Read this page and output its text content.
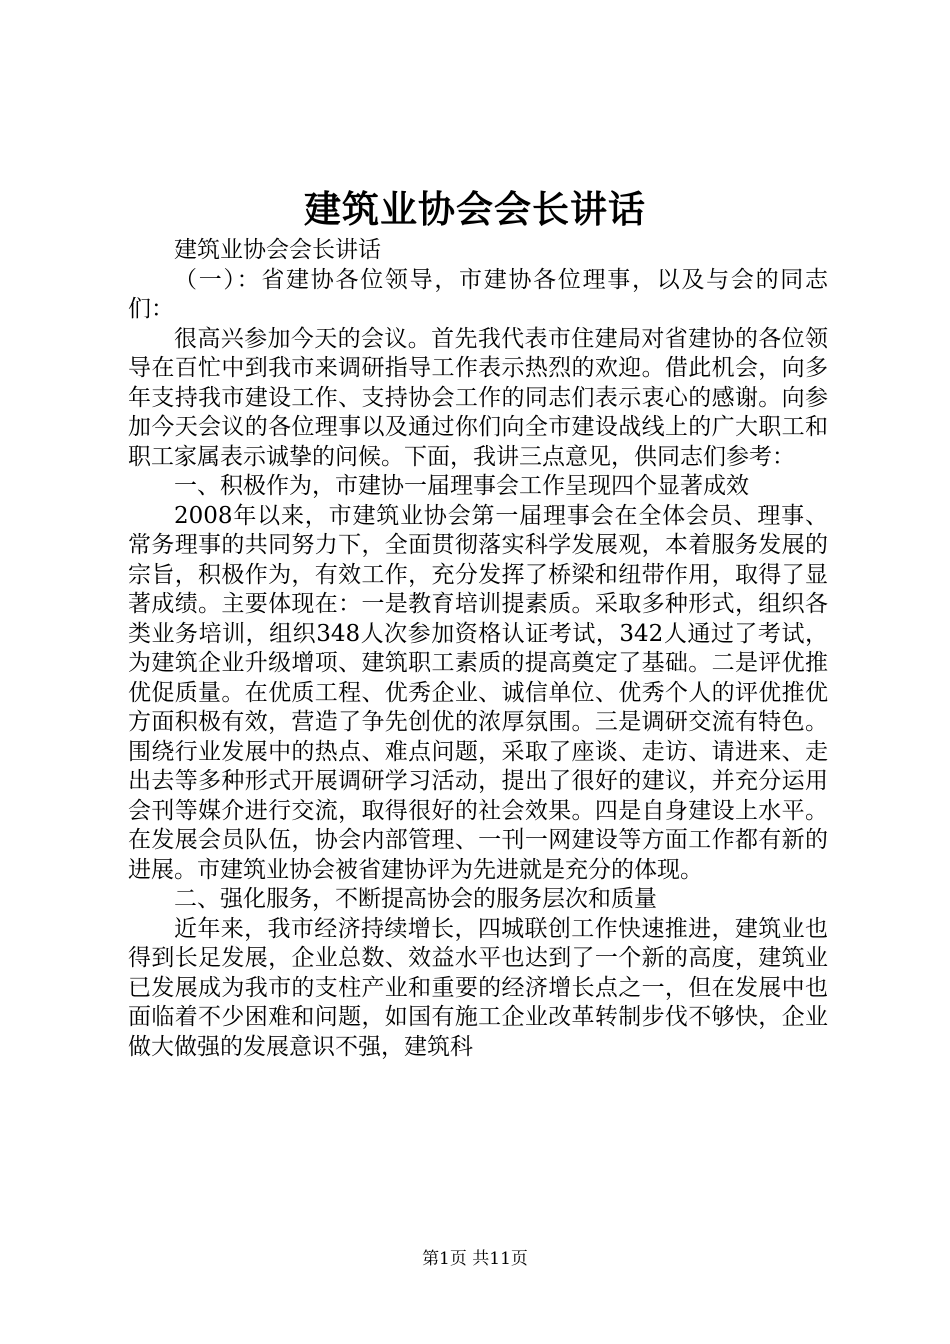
建筑业协会会长讲话

建筑业协会会长讲话

（一）：省建协各位领导，市建协各位理事，以及与会的同志们：

很高兴参加今天的会议。首先我代表市住建局对省建协的各位领导在百忙中到我市来调研指导工作表示热烈的欢迎。借此机会，向多年支持我市建设工作、支持协会工作的同志们表示衷心的感谢。向参加今天会议的各位理事以及通过你们向全市建设战线上的广大职工和职工家属表示诚挚的问候。下面，我讲三点意见，供同志们参考：

一、积极作为，市建协一届理事会工作呈现四个显著成效

2008年以来，市建筑业协会第一届理事会在全体会员、理事、常务理事的共同努力下，全面贯彻落实科学发展观，本着服务发展的宗旨，积极作为，有效工作，充分发挥了桥梁和纽带作用，取得了显著成绩。主要体现在：一是教育培训提素质。采取多种形式，组织各类业务培训，组织348人次参加资格认证考试，342人通过了考试，为建筑企业升级增项、建筑职工素质的提高奠定了基础。二是评优推优促质量。在优质工程、优秀企业、诚信单位、优秀个人的评优推优方面积极有效，营造了争先创优的浓厚氛围。三是调研交流有特色。围绕行业发展中的热点、难点问题，采取了座谈、走访、请进来、走出去等多种形式开展调研学习活动，提出了很好的建议，并充分运用会刊等媒介进行交流，取得很好的社会效果。四是自身建设上水平。在发展会员队伍，协会内部管理、一刊一网建设等方面工作都有新的进展。市建筑业协会被省建协评为先进就是充分的体现。

二、强化服务，不断提高协会的服务层次和质量

近年来，我市经济持续增长，四城联创工作快速推进，建筑业也得到长足发展，企业总数、效益水平也达到了一个新的高度，建筑业已发展成为我市的支柱产业和重要的经济增长点之一，但在发展中也面临着不少困难和问题，如国有施工企业改革转制步伐不够快，企业做大做强的发展意识不强，建筑科

第1页 共11页
